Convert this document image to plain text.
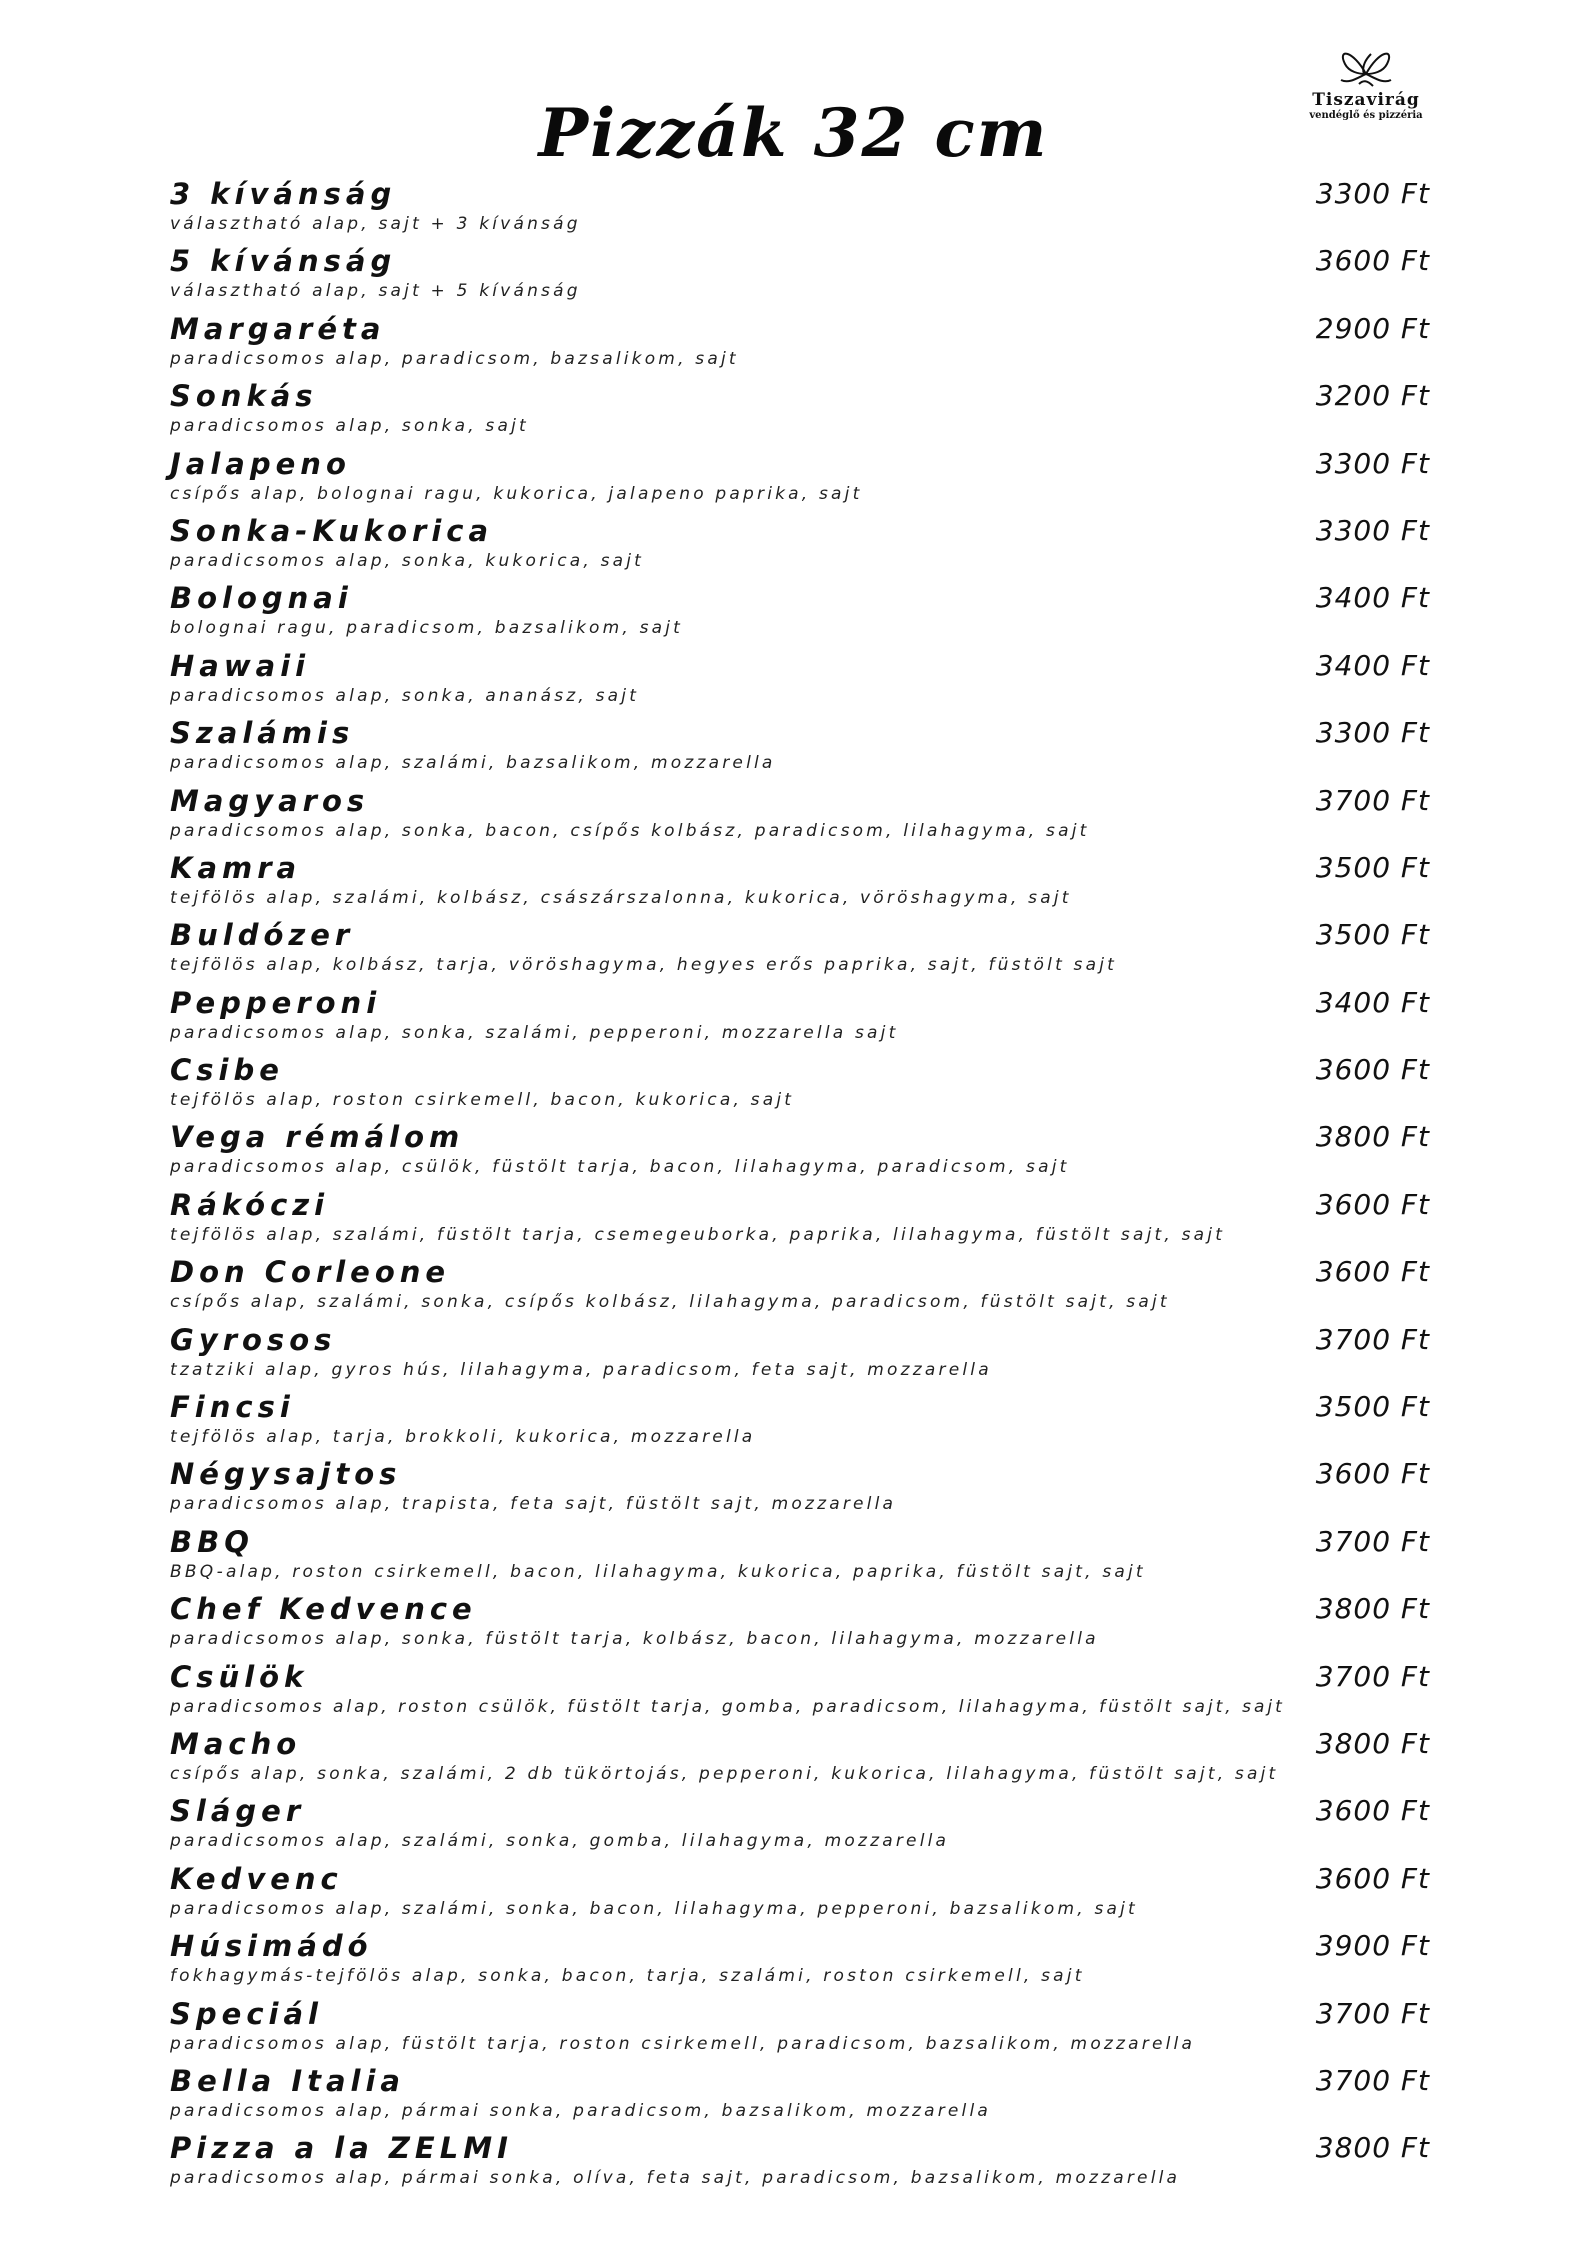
Pizzák 32 cm	Tiszavirág
vendéglő és pizzéria
3 kívánság	3300 Ft
választható alap, sajt + 3 kívánság
5 kívánság	3600 Ft
választható alap, sajt + 5 kívánság
Margaréta	2900 Ft
paradicsomos alap, paradicsom, bazsalikom, sajt
Sonkás	3200 Ft
paradicsomos alap, sonka, sajt
Jalapeno	3300 Ft
csípős alap, bolognai ragu, kukorica, jalapeno paprika, sajt
Sonka-Kukorica	3300 Ft
paradicsomos alap, sonka, kukorica, sajt
Bolognai	3400 Ft
bolognai ragu, paradicsom, bazsalikom, sajt
Hawaii	3400 Ft
paradicsomos alap, sonka, ananász, sajt
Szalámis	3300 Ft
paradicsomos alap, szalámi, bazsalikom, mozzarella
Magyaros	3700 Ft
paradicsomos alap, sonka, bacon, csípős kolbász, paradicsom, lilahagyma, sajt
Kamra	3500 Ft
tejfölös alap, szalámi, kolbász, császárszalonna, kukorica, vöröshagyma, sajt
Buldózer	3500 Ft
tejfölös alap, kolbász, tarja, vöröshagyma, hegyes erős paprika, sajt, füstölt sajt
Pepperoni	3400 Ft
paradicsomos alap, sonka, szalámi, pepperoni, mozzarella sajt
Csibe	3600 Ft
tejfölös alap, roston csirkemell, bacon, kukorica, sajt
Vega rémálom	3800 Ft
paradicsomos alap, csülök, füstölt tarja, bacon, lilahagyma, paradicsom, sajt
Rákóczi	3600 Ft
tejfölös alap, szalámi, füstölt tarja, csemegeuborka, paprika, lilahagyma, füstölt sajt, sajt
Don Corleone	3600 Ft
csípős alap, szalámi, sonka, csípős kolbász, lilahagyma, paradicsom, füstölt sajt, sajt
Gyrosos	3700 Ft
tzatziki alap, gyros hús, lilahagyma, paradicsom, feta sajt, mozzarella
Fincsi	3500 Ft
tejfölös alap, tarja, brokkoli, kukorica, mozzarella
Négysajtos	3600 Ft
paradicsomos alap, trapista, feta sajt, füstölt sajt, mozzarella
BBQ	3700 Ft
BBQ-alap, roston csirkemell, bacon, lilahagyma, kukorica, paprika, füstölt sajt, sajt
Chef Kedvence	3800 Ft
paradicsomos alap, sonka, füstölt tarja, kolbász, bacon, lilahagyma, mozzarella
Csülök	3700 Ft
paradicsomos alap, roston csülök, füstölt tarja, gomba, paradicsom, lilahagyma, füstölt sajt, sajt
Macho	3800 Ft
csípős alap, sonka, szalámi, 2 db tükörtojás, pepperoni, kukorica, lilahagyma, füstölt sajt, sajt
Sláger	3600 Ft
paradicsomos alap, szalámi, sonka, gomba, lilahagyma, mozzarella
Kedvenc	3600 Ft
paradicsomos alap, szalámi, sonka, bacon, lilahagyma, pepperoni, bazsalikom, sajt
Húsimádó	3900 Ft
fokhagymás-tejfölös alap, sonka, bacon, tarja, szalámi, roston csirkemell, sajt
Speciál	3700 Ft
paradicsomos alap, füstölt tarja, roston csirkemell, paradicsom, bazsalikom, mozzarella
Bella Italia	3700 Ft
paradicsomos alap, pármai sonka, paradicsom, bazsalikom, mozzarella
Pizza a la ZELMI	3800 Ft
paradicsomos alap, pármai sonka, olíva, feta sajt, paradicsom, bazsalikom, mozzarella
